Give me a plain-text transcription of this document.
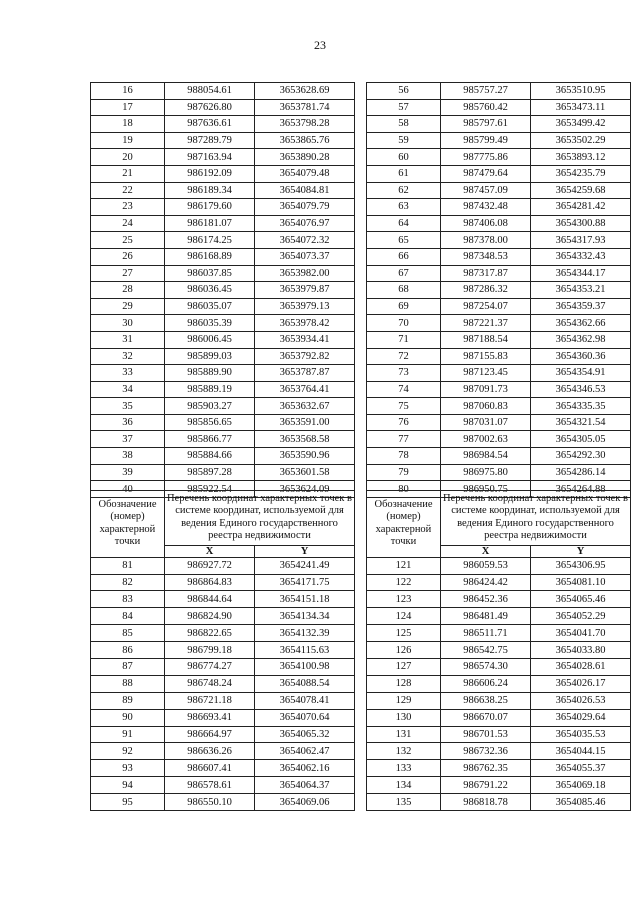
23
16	988054.61	3653628.69
17	987626.80	3653781.74
18	987636.61	3653798.28
19	987289.79	3653865.76
20	987163.94	3653890.28
21	986192.09	3654079.48
22	986189.34	3654084.81
23	986179.60	3654079.79
24	986181.07	3654076.97
25	986174.25	3654072.32
26	986168.89	3654073.37
27	986037.85	3653982.00
28	986036.45	3653979.87
29	986035.07	3653979.13
30	986035.39	3653978.42
31	986006.45	3653934.41
32	985899.03	3653792.82
33	985889.90	3653787.87
34	985889.19	3653764.41
35	985903.27	3653632.67
36	985856.65	3653591.00
37	985866.77	3653568.58
38	985884.66	3653590.96
39	985897.28	3653601.58
40	985922.54	3653624.09
56	985757.27	3653510.95
57	985760.42	3653473.11
58	985797.61	3653499.42
59	985799.49	3653502.29
60	987775.86	3653893.12
61	987479.64	3654235.79
62	987457.09	3654259.68
63	987432.48	3654281.42
64	987406.08	3654300.88
65	987378.00	3654317.93
66	987348.53	3654332.43
67	987317.87	3654344.17
68	987286.32	3654353.21
69	987254.07	3654359.37
70	987221.37	3654362.66
71	987188.54	3654362.98
72	987155.83	3654360.36
73	987123.45	3654354.91
74	987091.73	3654346.53
75	987060.83	3654335.35
76	987031.07	3654321.54
77	987002.63	3654305.05
78	986984.54	3654292.30
79	986975.80	3654286.14
80	986950.75	3654264.88
Обозначение (номер) характерной точки	Перечень координат характерных точек в системе координат, используемой для ведения Единого государственного реестра недвижимости	
	X	Y
81	986927.72	3654241.49
82	986864.83	3654171.75
83	986844.64	3654151.18
84	986824.90	3654134.34
85	986822.65	3654132.39
86	986799.18	3654115.63
87	986774.27	3654100.98
88	986748.24	3654088.54
89	986721.18	3654078.41
90	986693.41	3654070.64
91	986664.97	3654065.32
92	986636.26	3654062.47
93	986607.41	3654062.16
94	986578.61	3654064.37
95	986550.10	3654069.06
Обозначение (номер) характерной точки	Перечень координат характерных точек в системе координат, используемой для ведения Единого государственного реестра недвижимости	
	X	Y
121	986059.53	3654306.95
122	986424.42	3654081.10
123	986452.36	3654065.46
124	986481.49	3654052.29
125	986511.71	3654041.70
126	986542.75	3654033.80
127	986574.30	3654028.61
128	986606.24	3654026.17
129	986638.25	3654026.53
130	986670.07	3654029.64
131	986701.53	3654035.53
132	986732.36	3654044.15
133	986762.35	3654055.37
134	986791.22	3654069.18
135	986818.78	3654085.46
